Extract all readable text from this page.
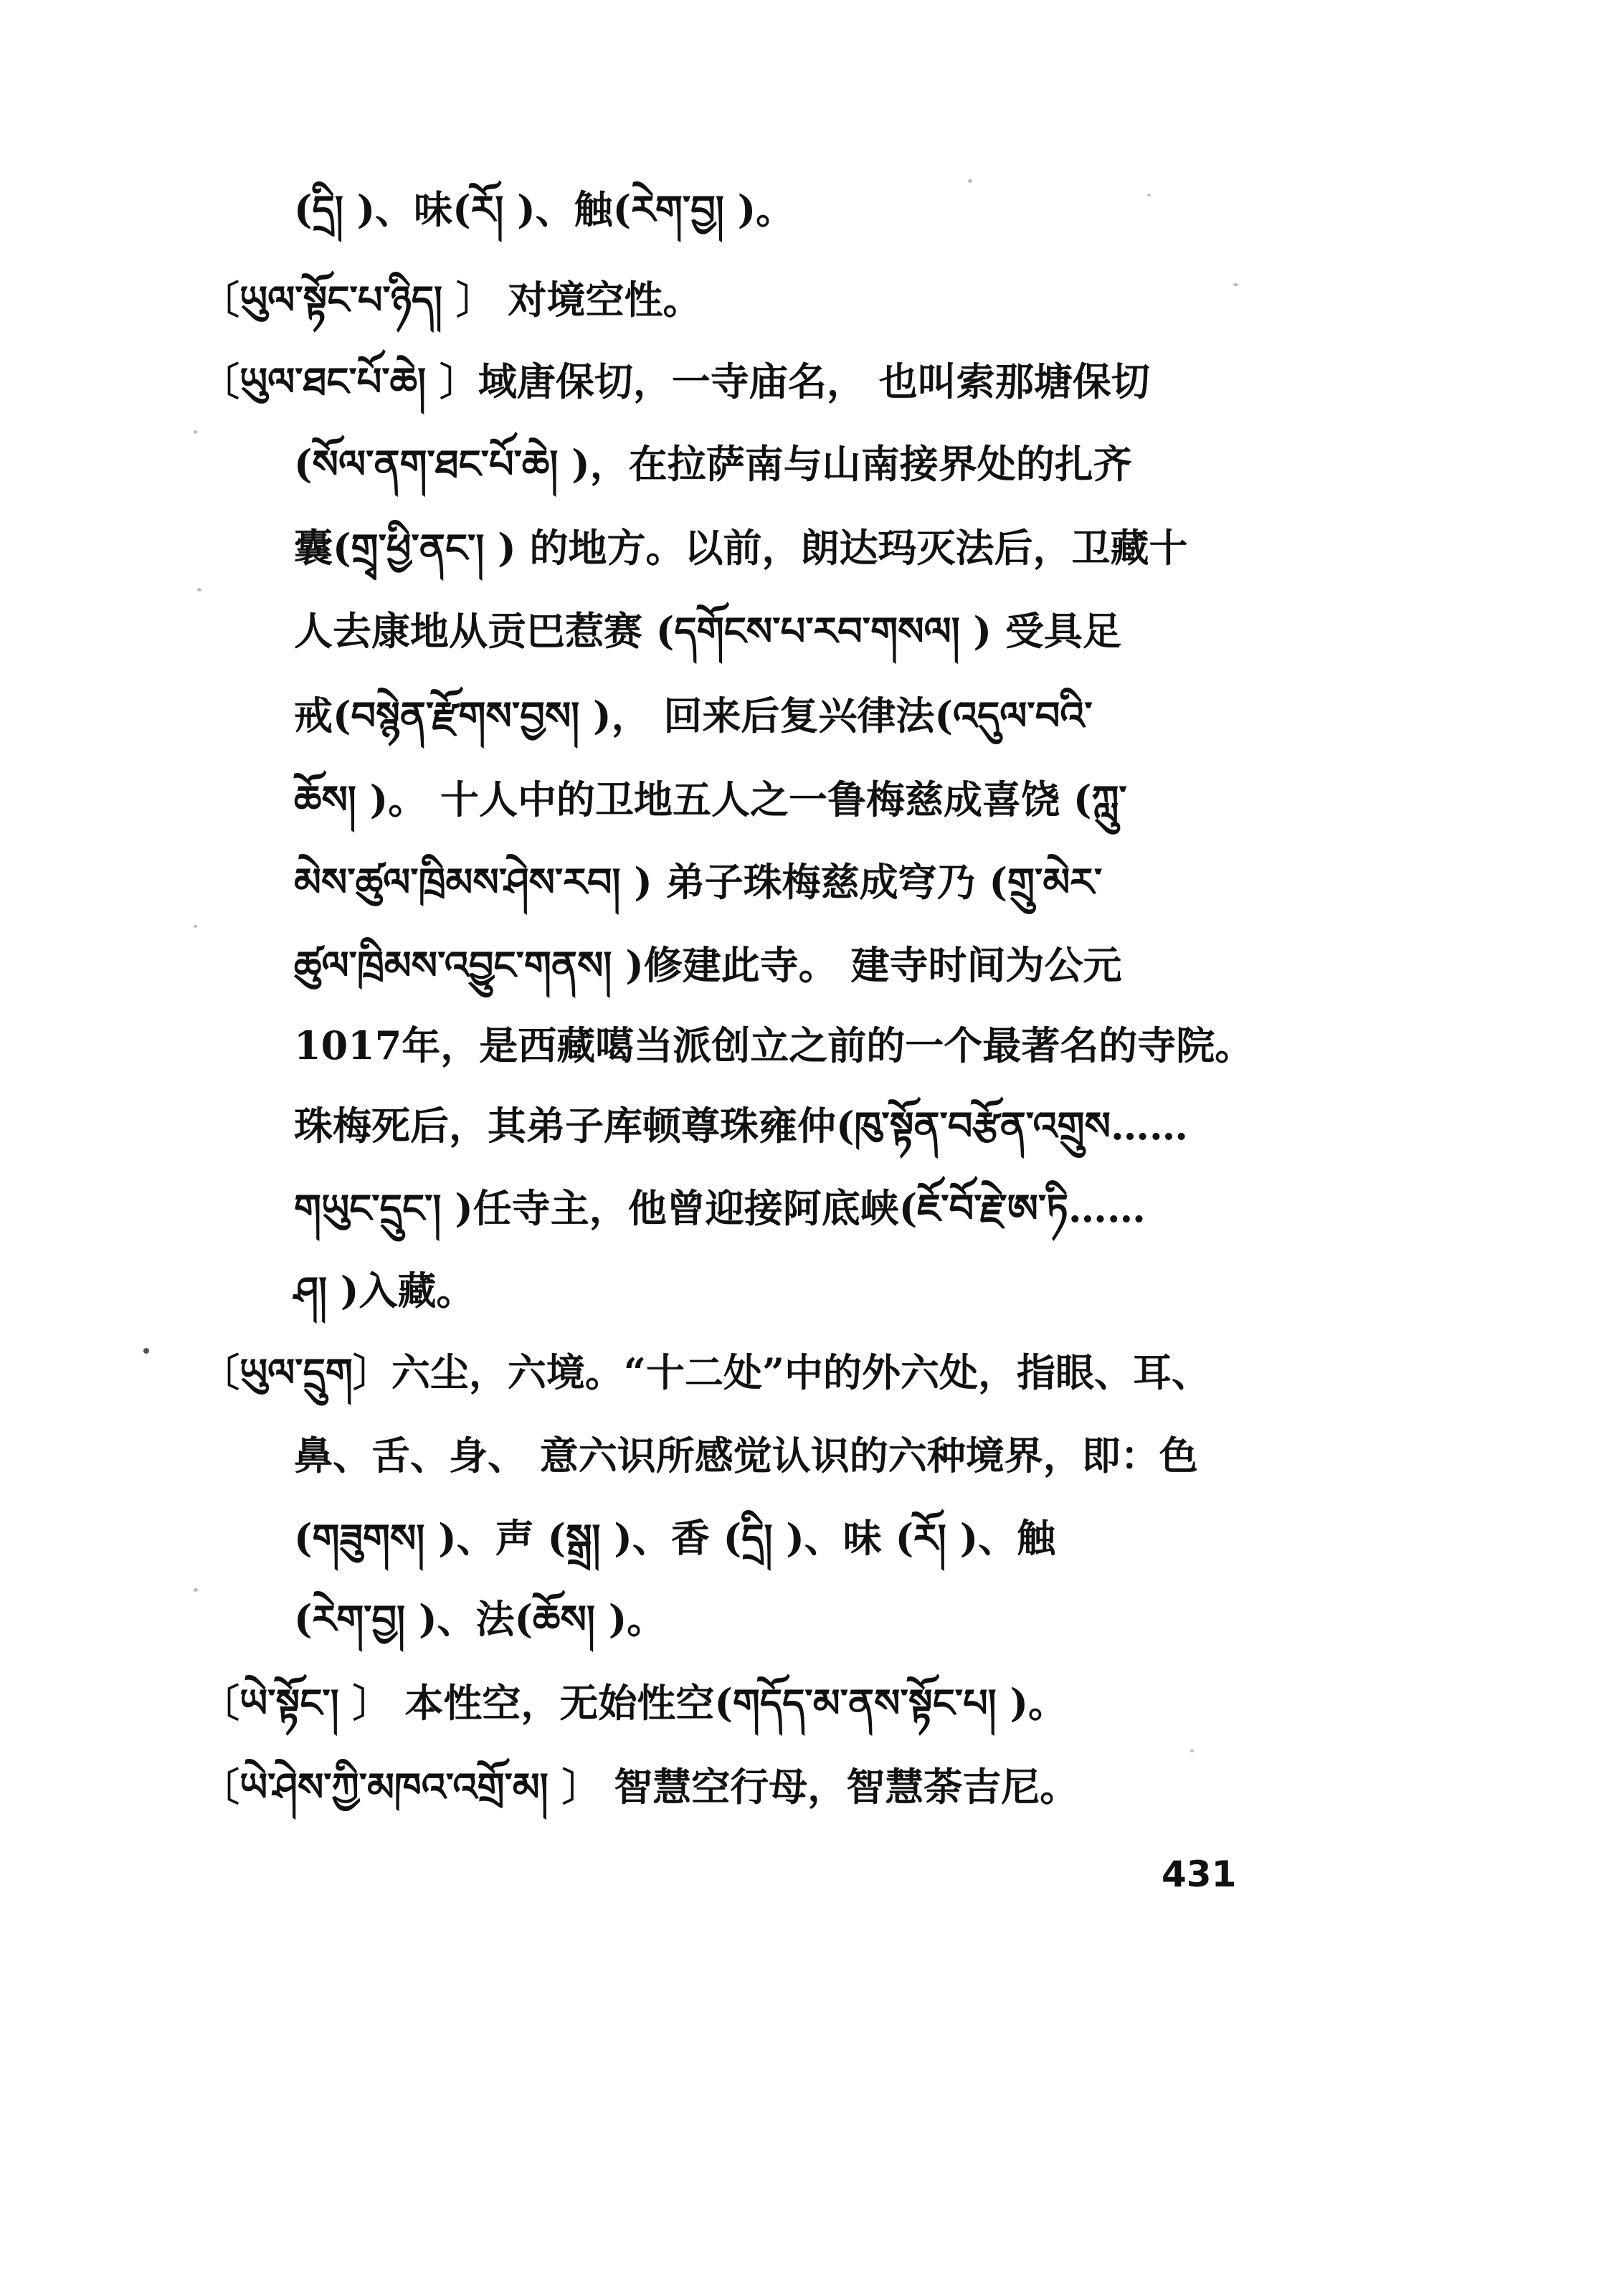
(དྲི། )、味(རོ། )、触(རེག་བྱ། )。
〔ཡུལ་སྟོང་པ་ཉིད། 〕 对境空性。
〔ཡུལ་ཐང་པོ་ཆེ། 〕域唐保切，一寺庙名， 也叫索那塘保切
(སོལ་ནག་ཐང་པོ་ཆེ། )，在拉萨南与山南接界处的扎齐
囊(གྲྭ་ཕྱི་ནང་། ) 的地方。以前，朗达玛灭法后，卫藏十
人去康地从贡巴惹赛 (དགོངས་པ་རབ་གསལ། ) 受具足
戒(བསྙེན་རྫོགས་བྱས། )， 回来后复兴律法(འདུལ་བའི་
ཆོས། )。 十人中的卫地五人之一鲁梅慈成喜饶 (ཀླུ་
མེས་ཚུལ་ཁྲིམས་ཤེས་རབ། ) 弟子珠梅慈成穹乃 (གྲུ་མེར་
ཚུལ་ཁྲིམས་འབྱུང་གནས། )修建此寺。 建寺时间为公元
1017年，是西藏噶当派创立之前的一个最著名的寺院。
珠梅死后，其弟子库顿尊珠雍仲(ཁུ་སྟོན་བརྩོན་འགྲུས……
གཡུང་དྲུང་། )任寺主，他曾迎接阿底峡(ཇོ་བོ་རྗེ་ཨ་ཏི……
ཤ། )入藏。
〔ཡུལ་དྲུག〕六尘，六境。“十二处”中的外六处，指眼、耳、
鼻、舌、身、 意六识所感觉认识的六种境界，即：色
(གཟུགས། )、声 (སྒྲ། )、香 (དྲི། )、味 (རོ། )、触
(རེག་བྱ། )、法(ཆོས། )。
〔ཡེ་སྟོང་། 〕 本性空，无始性空(གདོད་མ་ནས་སྟོང་པ། )。
〔ཡེ་ཤེས་ཀྱི་མཁའ་འགྲོ་མ། 〕 智慧空行母，智慧荼吉尼。
431
